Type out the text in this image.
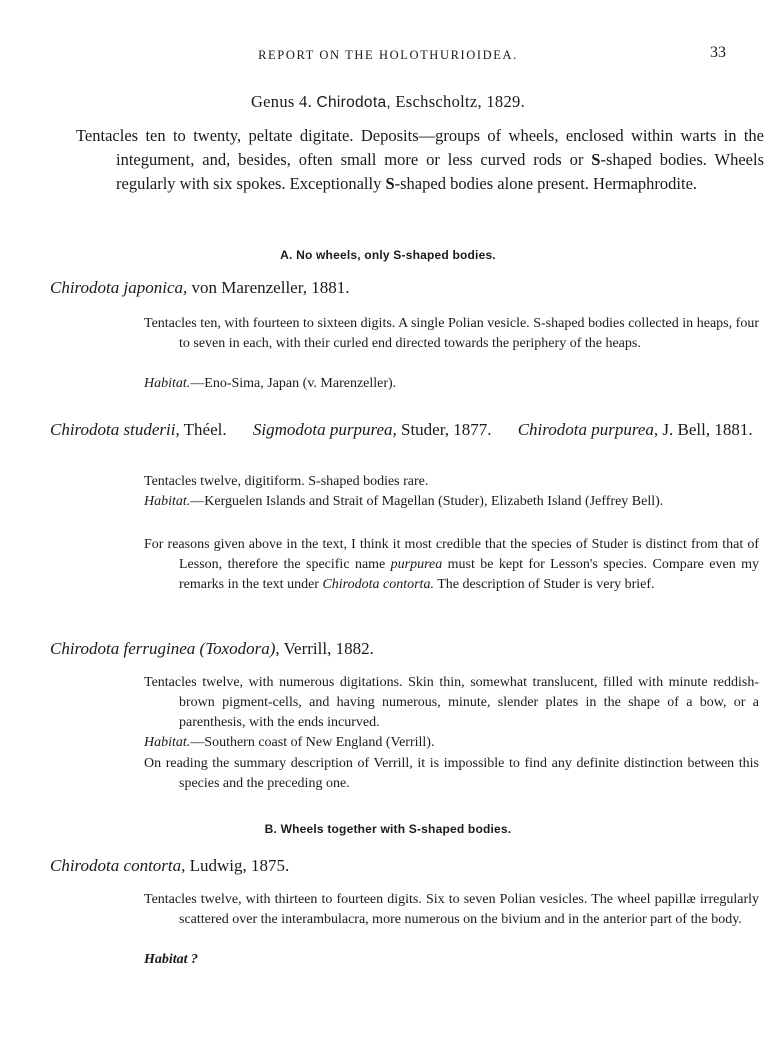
REPORT ON THE HOLOTHURIOIDEA.	33
Genus 4. Chirodota, Eschscholtz, 1829.
Tentacles ten to twenty, peltate digitate. Deposits—groups of wheels, enclosed within warts in the integument, and, besides, often small more or less curved rods or S-shaped bodies. Wheels regularly with six spokes. Exceptionally S-shaped bodies alone present. Hermaphrodite.
A. No wheels, only S-shaped bodies.
Chirodota japonica, von Marenzeller, 1881.
Tentacles ten, with fourteen to sixteen digits. A single Polian vesicle. S-shaped bodies collected in heaps, four to seven in each, with their curled end directed towards the periphery of the heaps.
Habitat.—Eno-Sima, Japan (v. Marenzeller).
Chirodota studerii, Théel. Sigmodota purpurea, Studer, 1877. Chirodota purpurea, J. Bell, 1881.
Tentacles twelve, digitiform. S-shaped bodies rare.
Habitat.—Kerguelen Islands and Strait of Magellan (Studer), Elizabeth Island (Jeffrey Bell).
For reasons given above in the text, I think it most credible that the species of Studer is distinct from that of Lesson, therefore the specific name purpurea must be kept for Lesson's species. Compare even my remarks in the text under Chirodota contorta. The description of Studer is very brief.
Chirodota ferruginea (Toxodora), Verrill, 1882.
Tentacles twelve, with numerous digitations. Skin thin, somewhat translucent, filled with minute reddish-brown pigment-cells, and having numerous, minute, slender plates in the shape of a bow, or a parenthesis, with the ends incurved.
Habitat.—Southern coast of New England (Verrill).
On reading the summary description of Verrill, it is impossible to find any definite distinction between this species and the preceding one.
B. Wheels together with S-shaped bodies.
Chirodota contorta, Ludwig, 1875.
Tentacles twelve, with thirteen to fourteen digits. Six to seven Polian vesicles. The wheel papillæ irregularly scattered over the interambulacra, more numerous on the bivium and in the anterior part of the body.
Habitat ?
